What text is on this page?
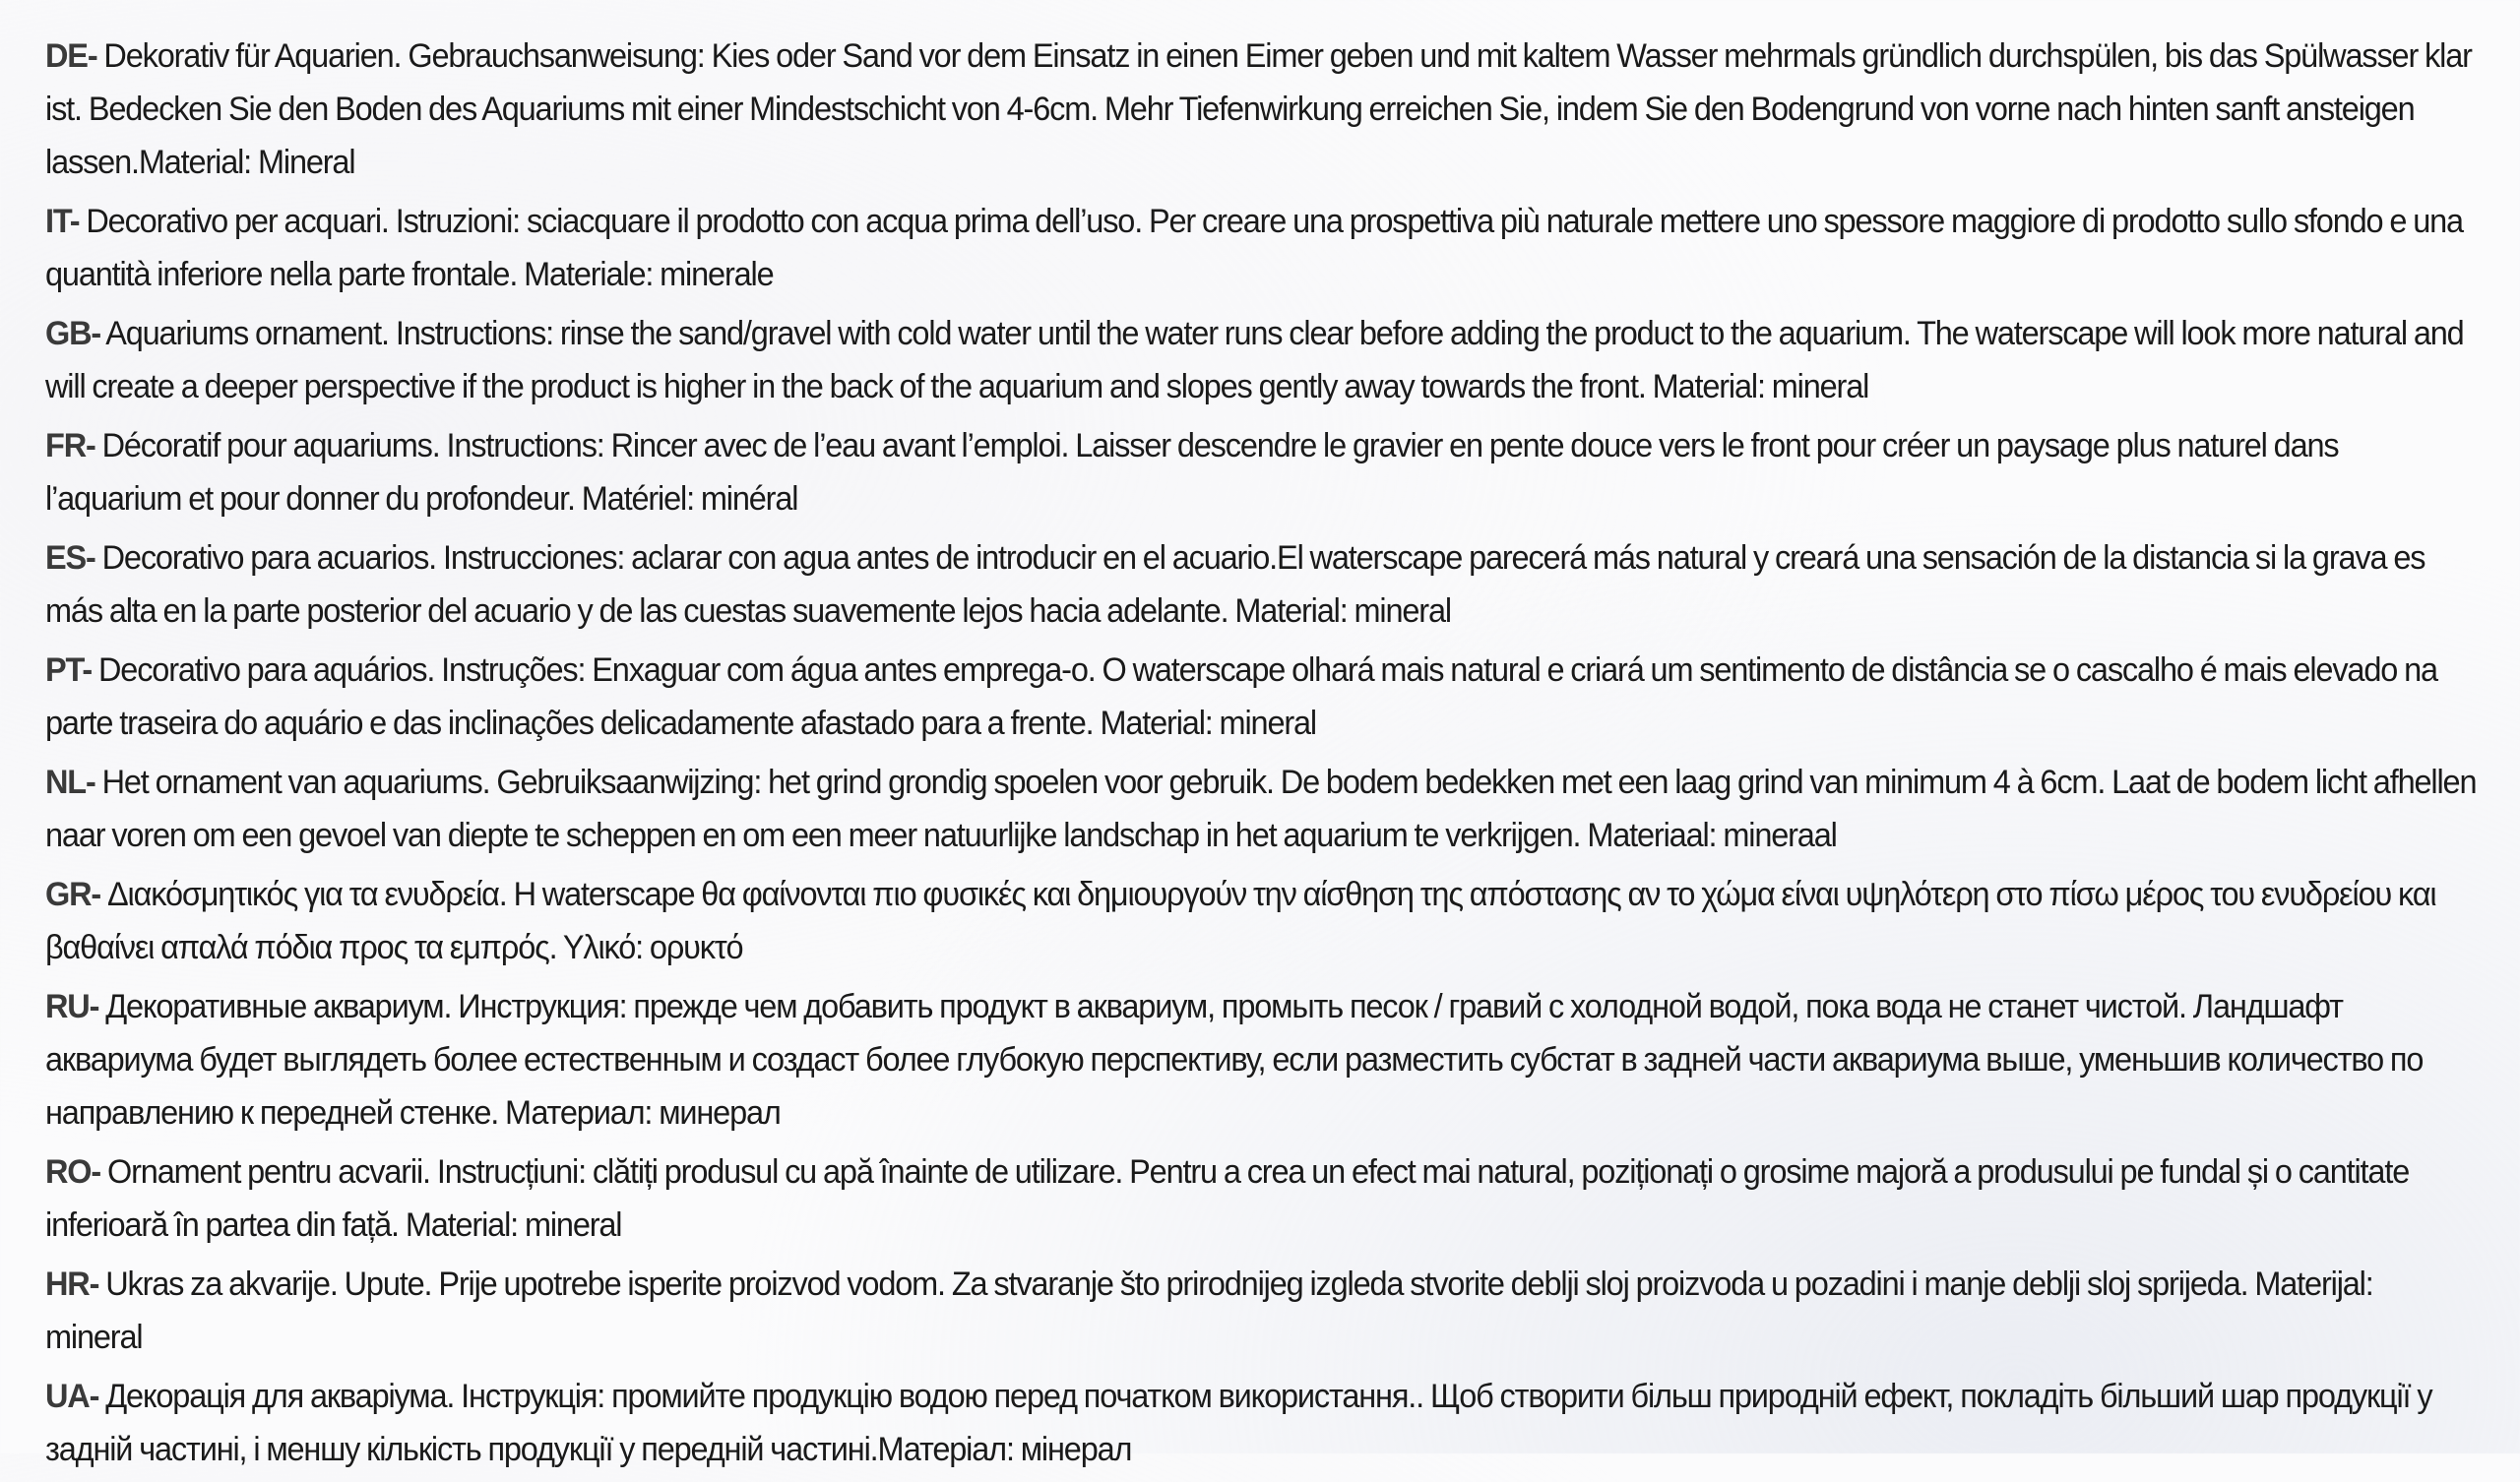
DE- Dekorativ für Aquarien. Gebrauchsanweisung: Kies oder Sand vor dem Einsatz in einen Eimer geben und mit kaltem Wasser mehrmals gründlich durchspülen, bis das Spülwasser klar ist. Bedecken Sie den Boden des Aquariums mit einer Mindestschicht von 4-6cm. Mehr Tiefenwirkung erreichen Sie, indem Sie den Bodengrund von vorne nach hinten sanft ansteigen lassen.Material: Mineral

IT- Decorativo per acquari. Istruzioni: sciacquare il prodotto con acqua prima dell’uso. Per creare una prospettiva più naturale mettere uno spessore maggiore di prodotto sullo sfondo e una quantità inferiore nella parte frontale. Materiale: minerale

GB- Aquariums ornament. Instructions: rinse the sand/gravel with cold water until the water runs clear before adding the product to the aquarium. The waterscape will look more natural and will create a deeper perspective if the product is higher in the back of the aquarium and slopes gently away towards the front. Material: mineral

FR- Décoratif pour aquariums. Instructions: Rincer avec de l’eau avant l’emploi. Laisser descendre le gravier en pente douce vers le front pour créer un paysage plus naturel dans l’aquarium et pour donner du profondeur. Matériel: minéral

ES- Decorativo para acuarios. Instrucciones: aclarar con agua antes de introducir en el acuario.El waterscape parecerá más natural y creará una sensación de la distancia si la grava es más alta en la parte posterior del acuario y de las cuestas suavemente lejos hacia adelante. Material: mineral

PT- Decorativo para aquários. Instruções: Enxaguar com água antes emprega-o. O waterscape olhará mais natural e criará um sentimento de distância se o cascalho é mais elevado na parte traseira do aquário e das inclinações delicadamente afastado para a frente. Material: mineral

NL- Het ornament van aquariums. Gebruiksaanwijzing: het grind grondig spoelen voor gebruik. De bodem bedekken met een laag grind van minimum 4 à 6cm. Laat de bodem licht afhellen naar voren om een gevoel van diepte te scheppen en om een meer natuurlijke landschap in het aquarium te verkrijgen. Materiaal: mineraal

GR- Διακόσμητικός για τα ενυδρεία. Η waterscape θα φαίνονται πιο φυσικές και δημιουργούν την αίσθηση της απόστασης αν το χώμα είναι υψηλότερη στο πίσω μέρος του ενυδρείου και βαθαίνει απαλά πόδια προς τα εμπρός. Υλικό: ορυκτό

RU- Декоративные аквариум. Инструкция: прежде чем добавить продукт в аквариум, промыть песок / гравий с холодной водой, пока вода не станет чистой. Ландшафт аквариума будет выглядеть более естественным и создаст более глубокую перспективу, если разместить субстат в задней части аквариума выше, уменьшив количество по направлению к передней стенке. Материал: минерал

RO- Ornament pentru acvarii. Instrucțiuni: clătiți produsul cu apă înainte de utilizare. Pentru a crea un efect mai natural, poziționați o grosime majoră a produsului pe fundal și o cantitate inferioară în partea din față. Material: mineral

HR- Ukras za akvarije. Upute. Prije upotrebe isperite proizvod vodom. Za stvaranje što prirodnijeg izgleda stvorite deblji sloj proizvoda u pozadini i manje deblji sloj sprijeda. Materijal: mineral

UA- Декорація для акваріума. Інструкція: промийте продукцію водою перед початком використання.. Щоб створити більш природній ефект, покладіть більший шар продукції у задній частині, і меншу кількість продукції у передній частині.Матеріал: мінерал
